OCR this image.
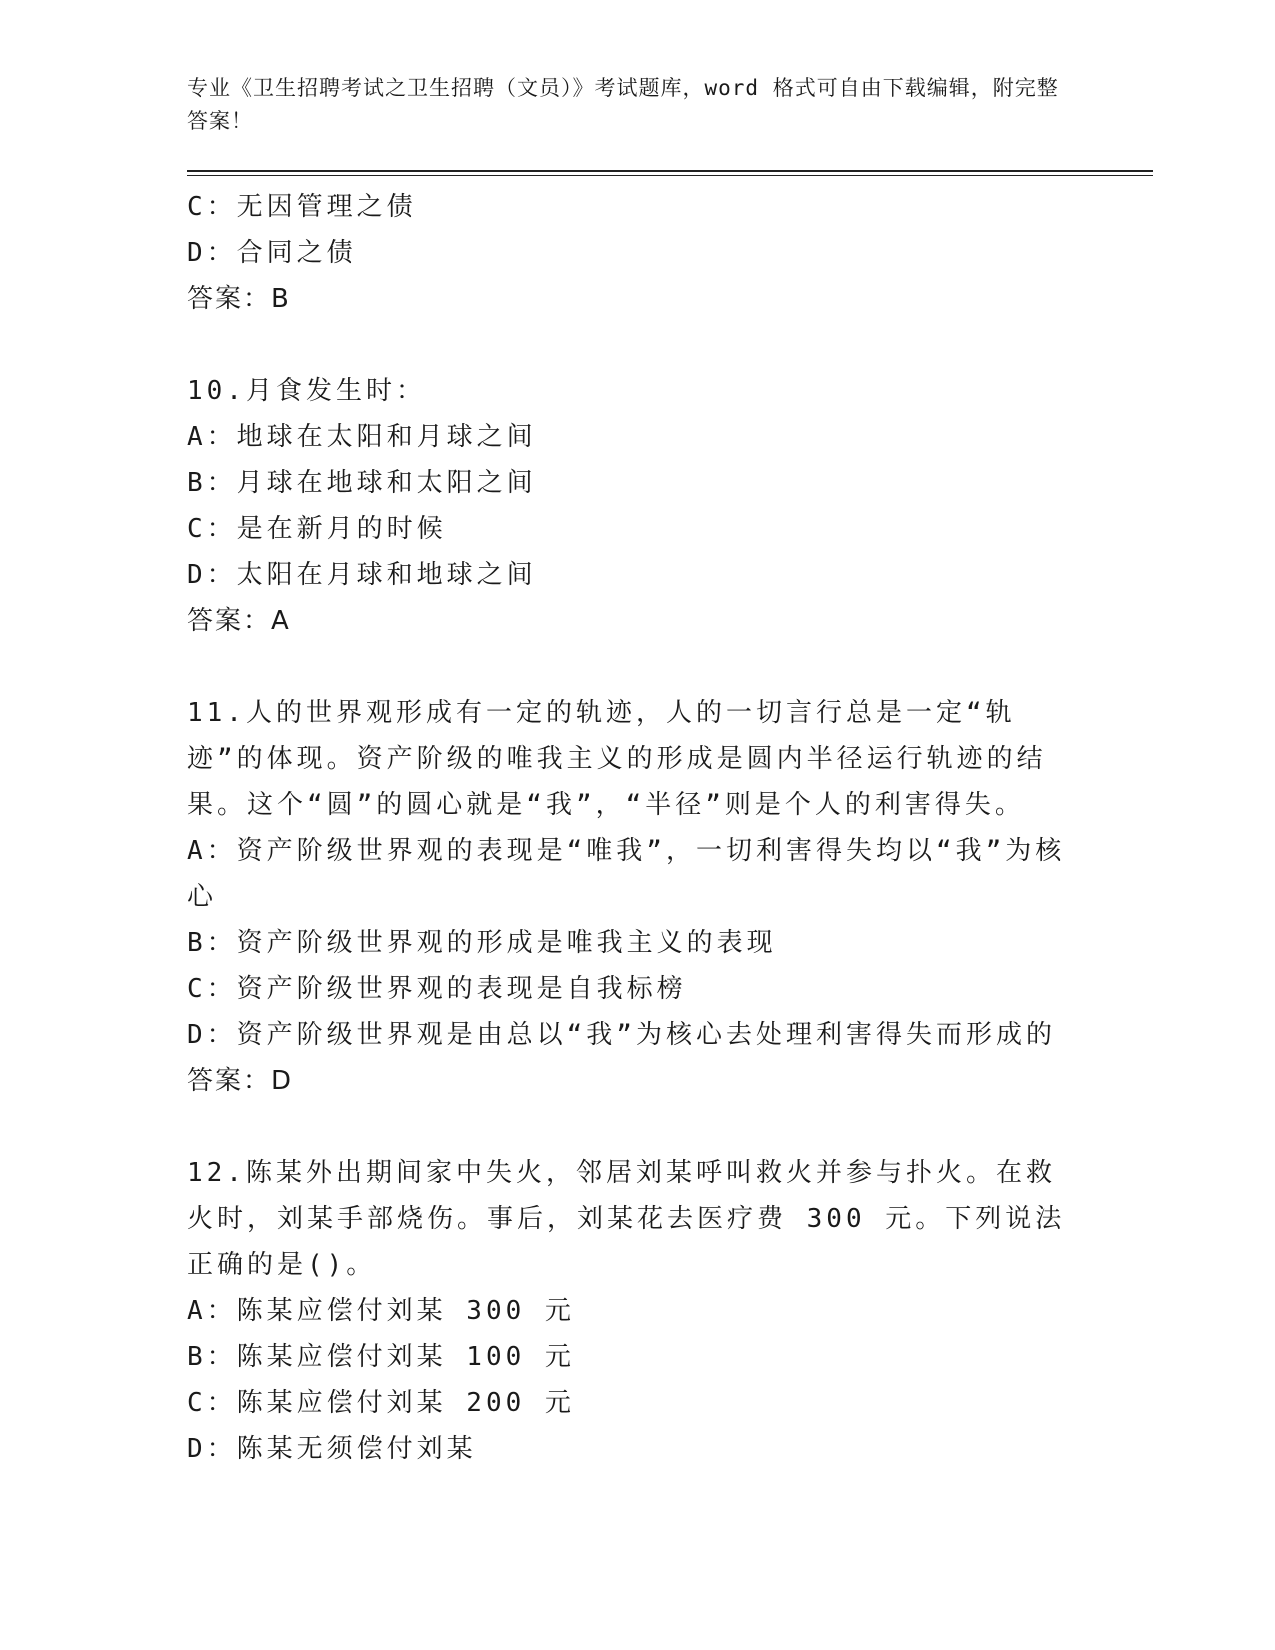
专业《卫生招聘考试之卫生招聘（文员）》考试题库，word 格式可自由下载编辑，附完整答案！

C：无因管理之债

D：合同之债

答案：B

10.月食发生时：

A：地球在太阳和月球之间

B：月球在地球和太阳之间

C：是在新月的时候

D：太阳在月球和地球之间

答案：A

11.人的世界观形成有一定的轨迹，人的一切言行总是一定“轨迹”的体现。资产阶级的唯我主义的形成是圆内半径运行轨迹的结果。这个“圆”的圆心就是“我”，“半径”则是个人的利害得失。

A：资产阶级世界观的表现是“唯我”，一切利害得失均以“我”为核心

B：资产阶级世界观的形成是唯我主义的表现

C：资产阶级世界观的表现是自我标榜

D：资产阶级世界观是由总以“我”为核心去处理利害得失而形成的

答案：D

12.陈某外出期间家中失火，邻居刘某呼叫救火并参与扑火。在救火时，刘某手部烧伤。事后，刘某花去医疗费 300 元。下列说法正确的是()。

A：陈某应偿付刘某 300 元

B：陈某应偿付刘某 100 元

C：陈某应偿付刘某 200 元

D：陈某无须偿付刘某
